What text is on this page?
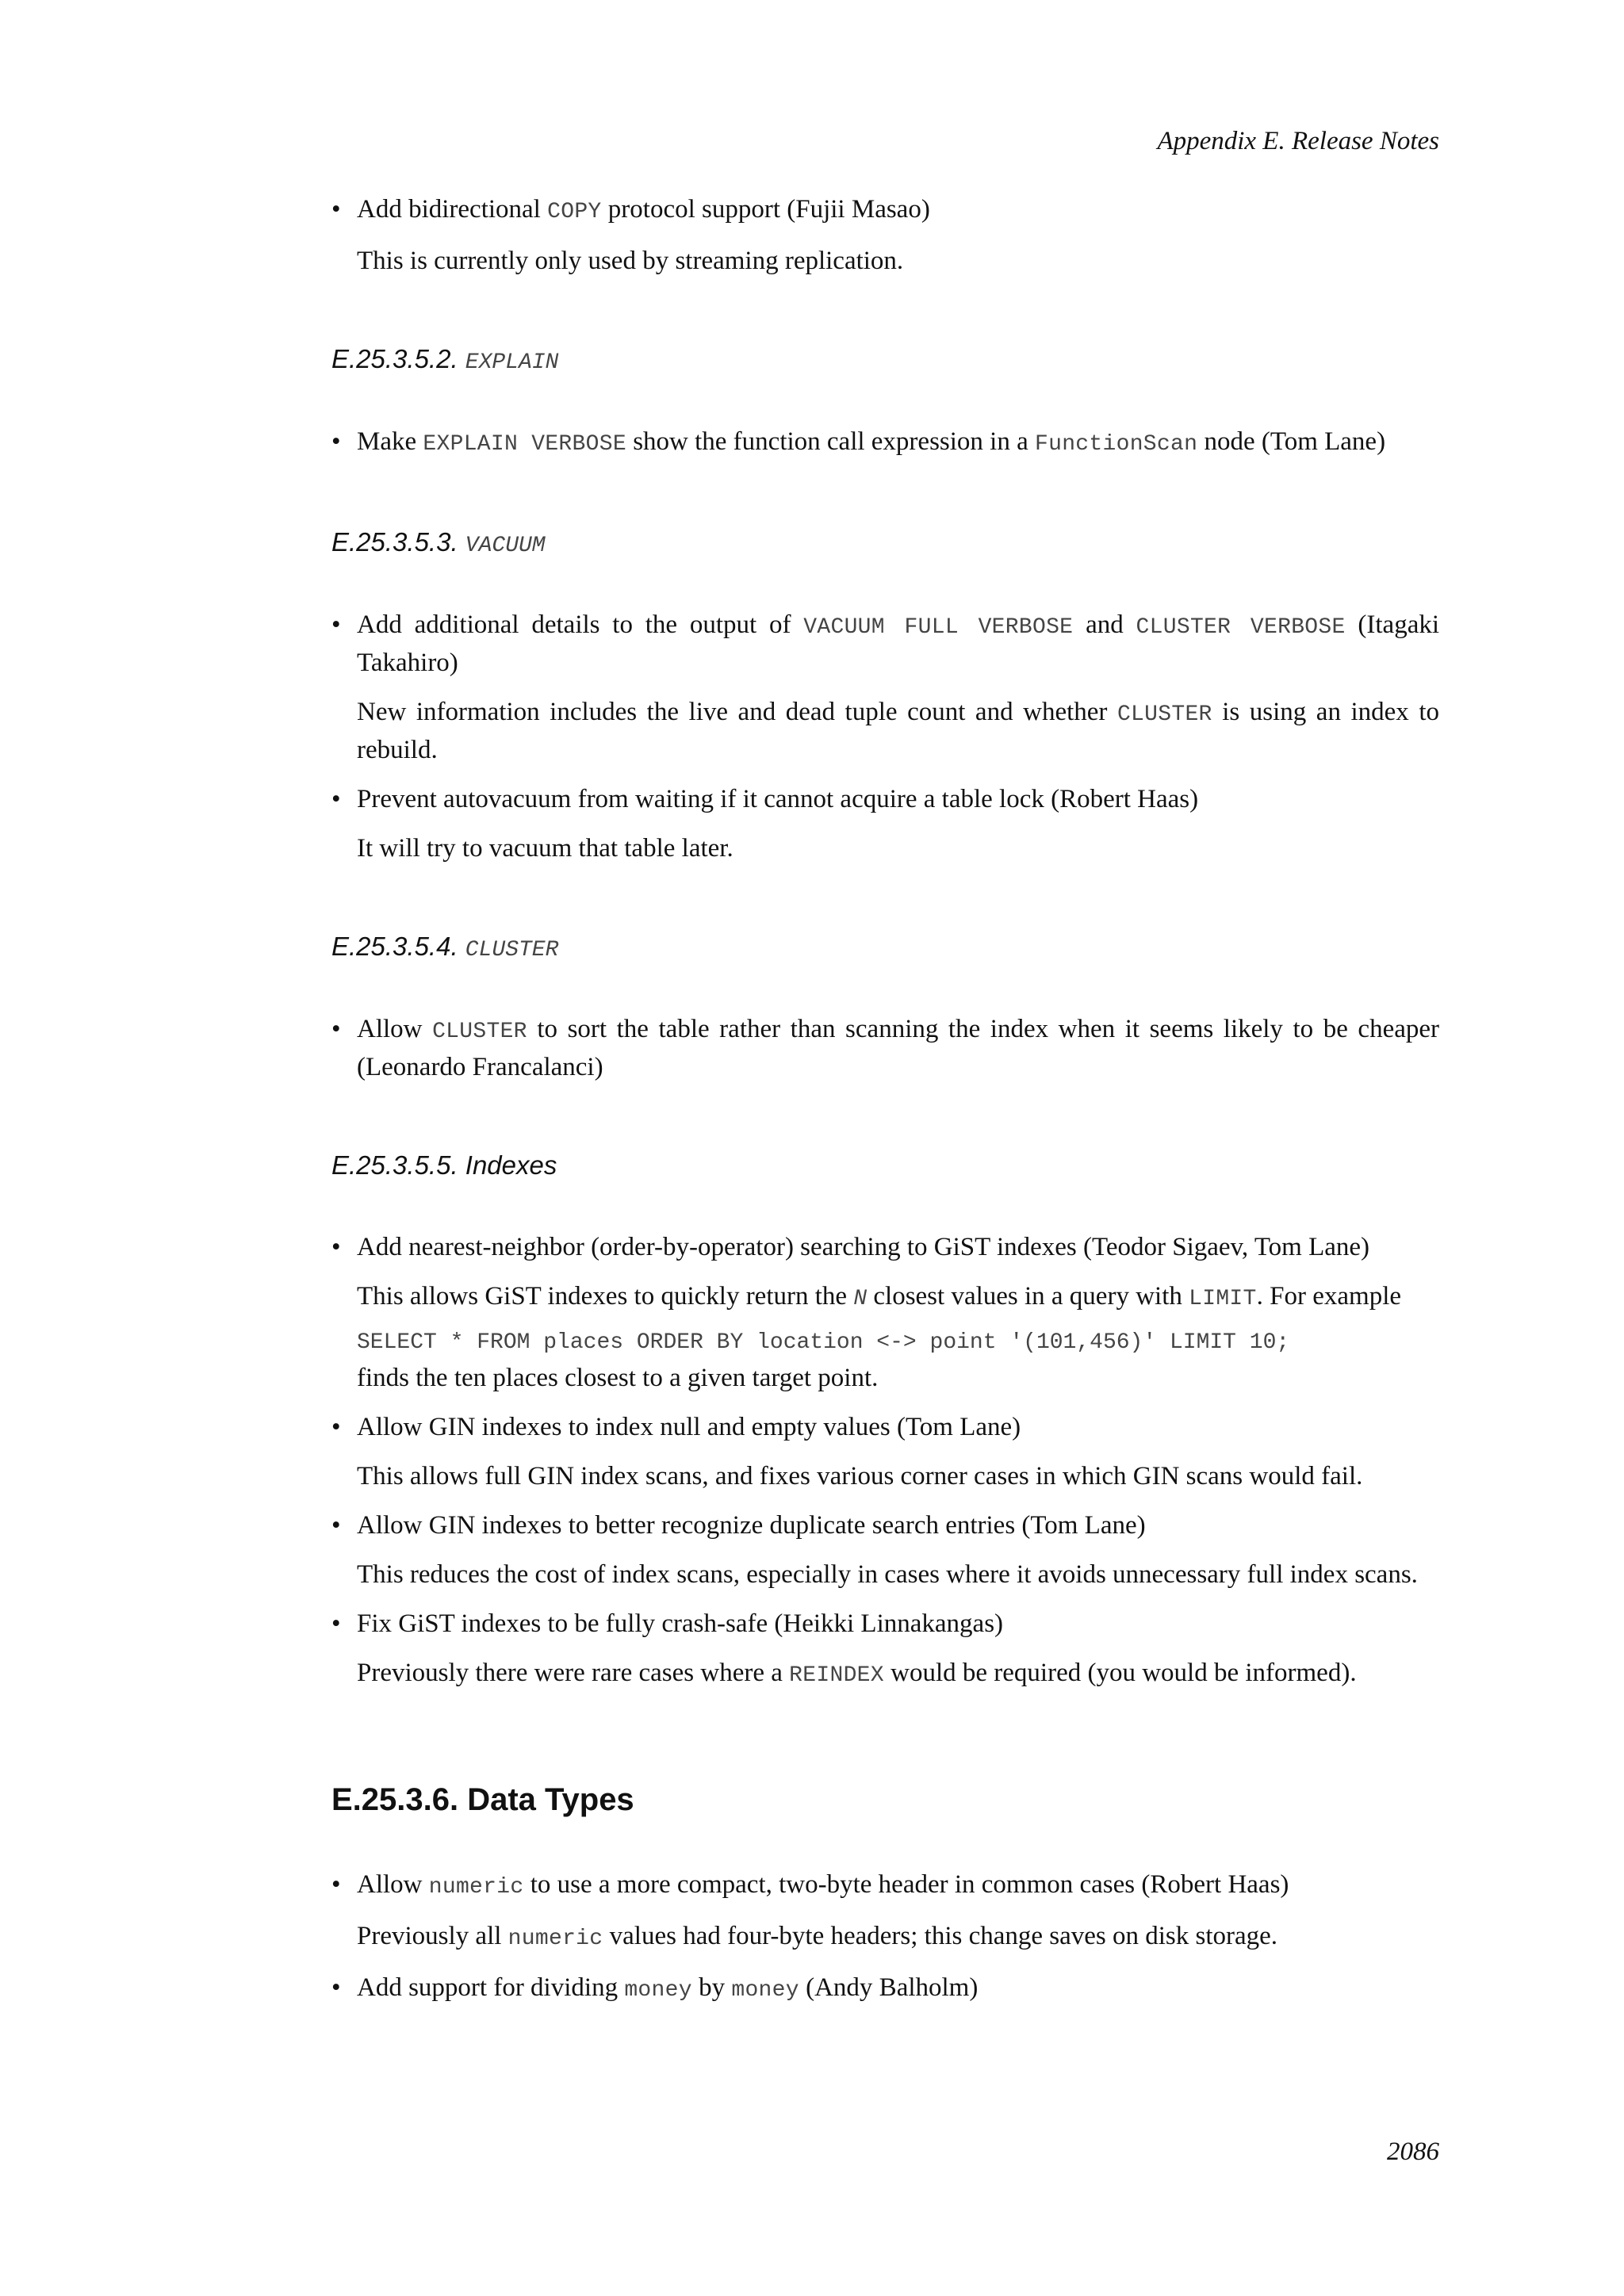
Appendix E. Release Notes

• Add bidirectional COPY protocol support (Fujii Masao)

This is currently only used by streaming replication.

E.25.3.5.2. EXPLAIN
• Make EXPLAIN VERBOSE show the function call expression in a FunctionScan node (Tom Lane)

E.25.3.5.3. VACUUM
• Add additional details to the output of VACUUM FULL VERBOSE and CLUSTER VERBOSE (Itagaki Takahiro)

New information includes the live and dead tuple count and whether CLUSTER is using an index to rebuild.

• Prevent autovacuum from waiting if it cannot acquire a table lock (Robert Haas)

It will try to vacuum that table later.

E.25.3.5.4. CLUSTER
• Allow CLUSTER to sort the table rather than scanning the index when it seems likely to be cheaper (Leonardo Francalanci)

E.25.3.5.5. Indexes
• Add nearest-neighbor (order-by-operator) searching to GiST indexes (Teodor Sigaev, Tom Lane)

This allows GiST indexes to quickly return the N closest values in a query with LIMIT. For example

SELECT * FROM places ORDER BY location <-> point '(101,456)' LIMIT 10;

finds the ten places closest to a given target point.

• Allow GIN indexes to index null and empty values (Tom Lane)

This allows full GIN index scans, and fixes various corner cases in which GIN scans would fail.

• Allow GIN indexes to better recognize duplicate search entries (Tom Lane)

This reduces the cost of index scans, especially in cases where it avoids unnecessary full index scans.

• Fix GiST indexes to be fully crash-safe (Heikki Linnakangas)

Previously there were rare cases where a REINDEX would be required (you would be informed).

E.25.3.6. Data Types
• Allow numeric to use a more compact, two-byte header in common cases (Robert Haas)

Previously all numeric values had four-byte headers; this change saves on disk storage.

• Add support for dividing money by money (Andy Balholm)

2086
